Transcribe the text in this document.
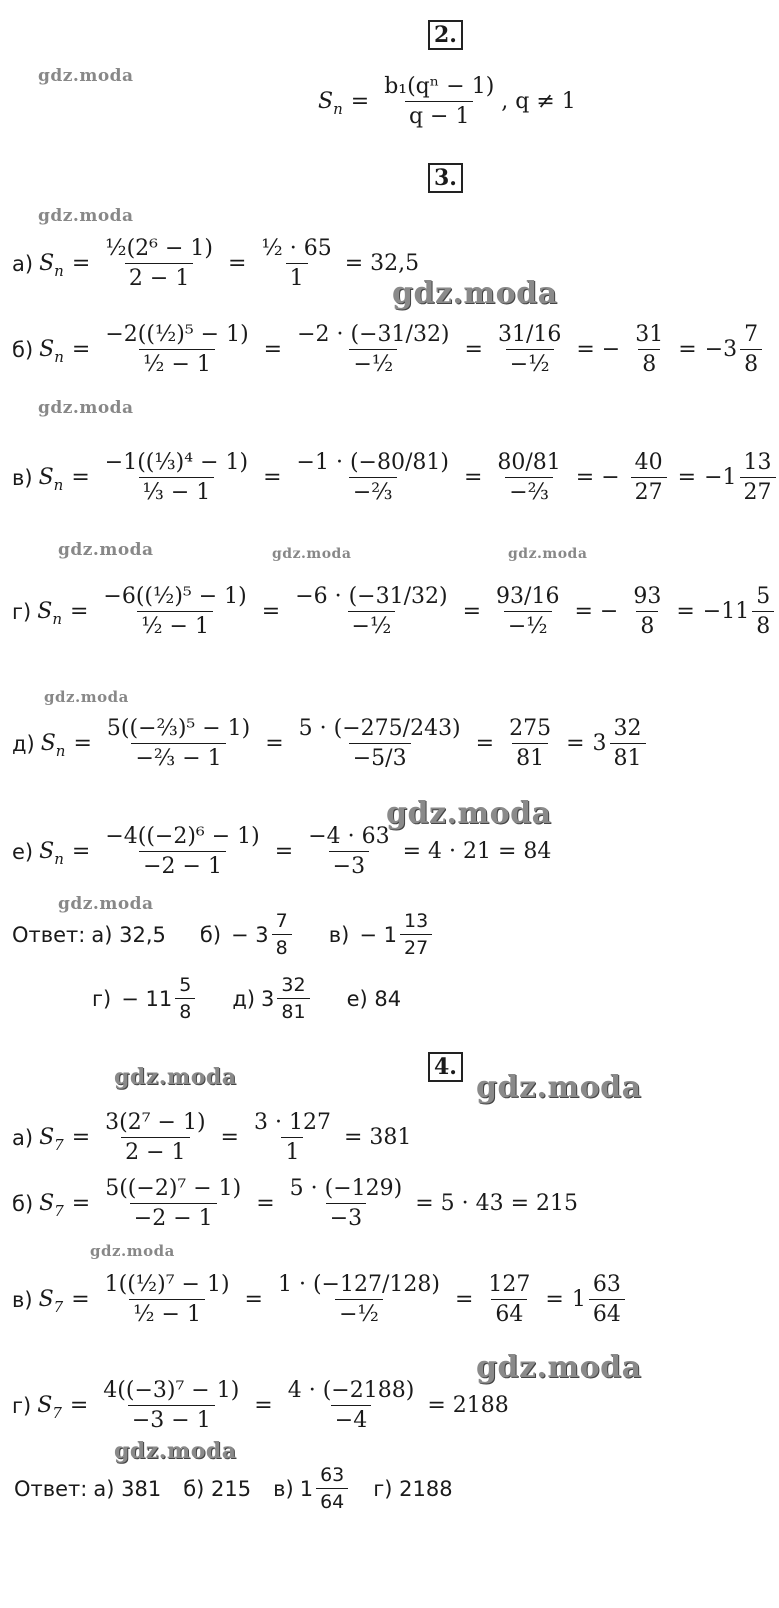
2.
3.
4.
gdz.moda
gdz.moda
gdz.moda
gdz.moda
gdz.moda	gdz.moda	gdz.moda
gdz.moda
gdz.moda
gdz.moda
gdz.moda	gdz.moda
gdz.moda
gdz.moda
gdz.moda
S $n = \frac{\text{b₁(qⁿ − 1)}}{q - 1}$ , q ≠ 1
а) S $n = \frac{\text{½(2⁶ − 1)}}{2 - 1} = \frac{\text{½ · 65}}{1} = 32,5$
б) S $n = \frac{\text{−2((½)⁵ − 1)}}{\text{½ − 1}} = \frac{-2 \cdot (-31/32)}{\text{−½}} = \frac{31/16}{\text{−½}}$ = − $\frac{31}{8} = -3 \frac{7}{8}$
в) S $n = \frac{\text{−1((⅓)⁴ − 1)}}{\text{⅓ − 1}} = \frac{-1 \cdot (-80/81)}{\text{−⅔}} = \frac{80/81}{\text{−⅔}}$ = − $\frac{40}{27} = -1 \frac{13}{27}$
г) S $n = \frac{\text{−6((½)⁵ − 1)}}{\text{½ − 1}} = \frac{-6 \cdot (-31/32)}{\text{−½}} = \frac{93/16}{\text{−½}}$ = − $\frac{93}{8} = -11 \frac{5}{8}$
д) S $n = \frac{\text{5((−⅔)⁵ − 1)}}{\text{−⅔ − 1}} = \frac{5 \cdot (-275/243)}{-5/3} = \frac{275}{81} = 3 \frac{32}{81}$
е) S $n = \frac{\text{−4((−2)⁶ − 1)}}{-2 - 1} = \frac{-4 \cdot 63}{-3} = 4 \cdot 21 = 84$
Ответ: а) 32,5 $б) - 3 \frac{7}{8} в) - 1 \frac{13}{27}$
$г) - 11 \frac{5}{8} д$) $3 \frac{32}{81} е$) 84
а) S $7 = \frac{\text{3(2⁷ − 1)}}{2 - 1} = \frac{3 \cdot 127}{1} = 381$
б) S $7 = \frac{\text{5((−2)⁷ − 1)}}{-2 - 1} = \frac{5 \cdot (-129)}{-3} = 5 \cdot 43 = 215$
в) S $7 = \frac{\text{1((½)⁷ − 1)}}{\text{½ − 1}} = \frac{1 \cdot (-127/128)}{\text{−½}} = \frac{127}{64} = 1 \frac{63}{64}$
г) S $7 = \frac{\text{4((−3)⁷ − 1)}}{-3 - 1} = \frac{4 \cdot (-2188)}{-4} = 2188$
Ответ: а) 381 б) 215 в) $1 \frac{63}{64} г$) 2188
